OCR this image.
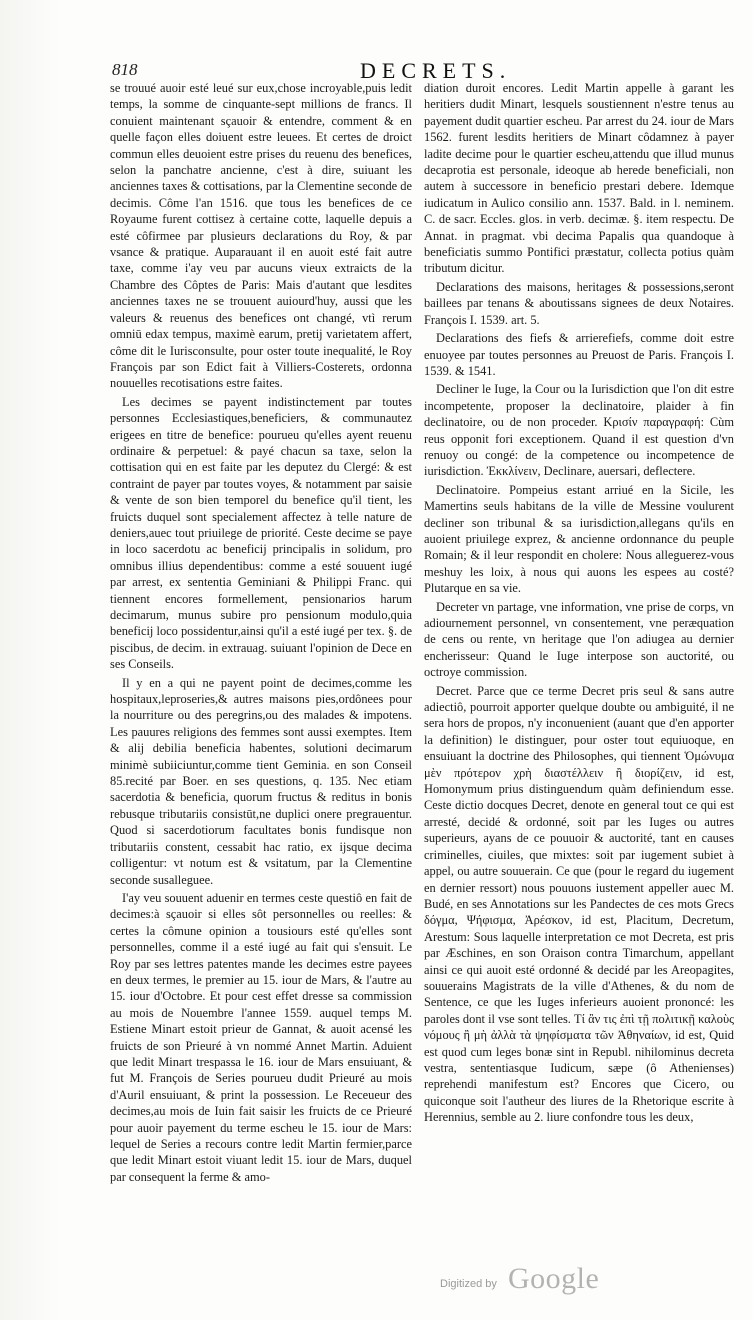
818	DECRETS.

se trouué auoir esté leué sur eux,chose incroyable,puis ledit temps, la somme de cinquante-sept millions de francs. Il conuient maintenant sçauoir & entendre, comment & en quelle façon elles doiuent estre leuees. Et certes de droict commun elles deuoient estre prises du reuenu des benefices, selon la panchatre ancienne, c'est à dire, suiuant les anciennes taxes & cottisations, par la Clementine seconde de decimis. Côme l'an 1516. que tous les benefices de ce Royaume furent cottisez à certaine cotte, laquelle depuis a esté côfirmee par plusieurs declarations du Roy, & par vsance & pratique. Auparauant il en auoit esté fait autre taxe, comme i'ay veu par aucuns vieux extraicts de la Chambre des Côptes de Paris: Mais d'autant que lesdites anciennes taxes ne se trouuent auiourd'huy, aussi que les valeurs & reuenus des benefices ont changé, vtì rerum omniū edax tempus, maximè earum, pretij varietatem affert, côme dit le Iurisconsulte, pour oster toute inequalité, le Roy François par son Edict fait à Villiers-Costerets, ordonna nouuelles recotisations estre faites.

Les decimes se payent indistinctement par toutes personnes Ecclesiastiques,beneficiers, & communautez erigees en titre de benefice: pourueu qu'elles ayent reuenu ordinaire & perpetuel: & payé chacun sa taxe, selon la cottisation qui en est faite par les deputez du Clergé: & est contraint de payer par toutes voyes, & notamment par saisie & vente de son bien temporel du benefice qu'il tient, les fruicts duquel sont specialement affectez à telle nature de deniers,auec tout priuilege de priorité. Ceste decime se paye in loco sacerdotu ac beneficij principalis in solidum, pro omnibus illius dependentibus: comme a esté souuent iugé par arrest, ex sententia Geminiani & Philippi Franc. qui tiennent encores formellement, pensionarios harum decimarum, munus subire pro pensionum modulo,quia beneficij loco possidentur,ainsi qu'il a esté iugé per tex. §. de piscibus, de decim. in extrauag. suiuant l'opinion de Dece en ses Conseils.

Il y en a qui ne payent point de decimes,comme les hospitaux,leproseries,& autres maisons pies,ordônees pour la nourriture ou des peregrins,ou des malades & impotens. Les pauures religions des femmes sont aussi exemptes. Item & alij debilia beneficia habentes, solutioni decimarum minimè subiiciuntur,comme tient Geminia. en son Conseil 85.recité par Boer. en ses questions, q. 135. Nec etiam sacerdotia & beneficia, quorum fructus & reditus in bonis rebusque tributariis consistūt,ne duplici onere pregrauentur. Quod si sacerdotiorum facultates bonis fundisque non tributariis constent, cessabit hac ratio, ex ijsque decima colligentur: vt notum est & vsitatum, par la Clementine seconde susalleguee.

I'ay veu souuent aduenir en termes ceste questiô en fait de decimes:à sçauoir si elles sôt personnelles ou reelles: & certes la cômune opinion a tousiours esté qu'elles sont personnelles, comme il a esté iugé au fait qui s'ensuit. Le Roy par ses lettres patentes mande les decimes estre payees en deux termes, le premier au 15. iour de Mars, & l'autre au 15. iour d'Octobre. Et pour cest effet dresse sa commission au mois de Nouembre l'annee 1559. auquel temps M. Estiene Minart estoit prieur de Gannat, & auoit acensé les fruicts de son Prieuré à vn nommé Annet Martin. Aduient que ledit Minart trespassa le 16. iour de Mars ensuiuant, & fut M. François de Series pourueu dudit Prieuré au mois d'Auril ensuiuant, & print la possession. Le Receueur des decimes,au mois de Iuin fait saisir les fruicts de ce Prieuré pour auoir payement du terme escheu le 15. iour de Mars: lequel de Series a recours contre ledit Martin fermier,parce que ledit Minart estoit viuant ledit 15. iour de Mars, duquel par consequent la ferme & amo-

diation duroit encores. Ledit Martin appelle à garant les heritiers dudit Minart, lesquels soustiennent n'estre tenus au payement dudit quartier escheu. Par arrest du 24. iour de Mars 1562. furent lesdits heritiers de Minart côdamnez à payer ladite decime pour le quartier escheu,attendu que illud munus decaprotia est personale, ideoque ab herede beneficiali, non autem à successore in beneficio prestari debere. Idemque iudicatum in Aulico consilio ann. 1537. Bald. in l. neminem. C. de sacr. Eccles. glos. in verb. decimæ. §. item respectu. De Annat. in pragmat. vbi decima Papalis qua quandoque à beneficiatis summo Pontifici præstatur, collecta potius quàm tributum dicitur.

Declarations des maisons, heritages & possessions,seront baillees par tenans & aboutissans signees de deux Notaires. François I. 1539. art. 5.

Declarations des fiefs & arrierefiefs, comme doit estre enuoyee par toutes personnes au Preuost de Paris. François I. 1539. & 1541.

Decliner le Iuge, la Cour ou la Iurisdiction que l'on dit estre incompetente, proposer la declinatoire, plaider à fin declinatoire, ou de non proceder. Κρισίν παραγραφή: Cùm reus opponit fori exceptionem. Quand il est question d'vn renuoy ou congé: de la competence ou incompetence de iurisdiction. Ἐκκλίνειν, Declinare, auersari, deflectere.

Declinatoire. Pompeius estant arriué en la Sicile, les Mamertins seuls habitans de la ville de Messine voulurent decliner son tribunal & sa iurisdiction,allegans qu'ils en auoient priuilege exprez, & ancienne ordonnance du peuple Romain; & il leur respondit en cholere: Nous alleguerez-vous meshuy les loix, à nous qui auons les espees au costé? Plutarque en sa vie.

Decreter vn partage, vne information, vne prise de corps, vn adiournement personnel, vn consentement, vne peræquation de cens ou rente, vn heritage que l'on adiugea au dernier encherisseur: Quand le Iuge interpose son auctorité, ou octroye commission.

Decret. Parce que ce terme Decret pris seul & sans autre adiectiô, pourroit apporter quelque doubte ou ambiguité, il ne sera hors de propos, n'y inconuenient (auant que d'en apporter la definition) le distinguer, pour oster tout equiuoque, en ensuiuant la doctrine des Philosophes, qui tiennent Ὁμώνυμα μὲν πρότερον χρὴ διαστέλλειν ἢ διορίζειν, id est, Homonymum prius distinguendum quàm definiendum esse. Ceste dictio docques Decret, denote en general tout ce qui est arresté, decidé & ordonné, soit par les Iuges ou autres superieurs, ayans de ce pouuoir & auctorité, tant en causes criminelles, ciuiles, que mixtes: soit par iugement subiet à appel, ou autre souuerain. Ce que (pour le regard du iugement en dernier ressort) nous pouuons iustement appeller auec M. Budé, en ses Annotations sur les Pandectes de ces mots Grecs δόγμα, Ψήφισμα, Ἀρέσκον, id est, Placitum, Decretum, Arestum: Sous laquelle interpretation ce mot Decreta, est pris par Æschines, en son Oraison contra Timarchum, appellant ainsi ce qui auoit esté ordonné & decidé par les Areopagites, souuerains Magistrats de la ville d'Athenes, & du nom de Sentence, ce que les Iuges inferieurs auoient prononcé: les paroles dont il vse sont telles. Τί ἂν τις ἐπὶ τῇ πολιτικῇ καλοὺς νόμους ἢ μὴ ἀλλὰ τὰ ψηφίσματα τῶν Ἀθηναίων, id est, Quid est quod cum leges bonæ sint in Republ. nihilominus decreta vestra, sententiasque Iudicum, sæpe (ô Athenienses) reprehendi manifestum est? Encores que Cicero, ou quiconque soit l'autheur des liures de la Rhetorique escrite à Herennius, semble au 2. liure confondre tous les deux,

Digitized by Google
